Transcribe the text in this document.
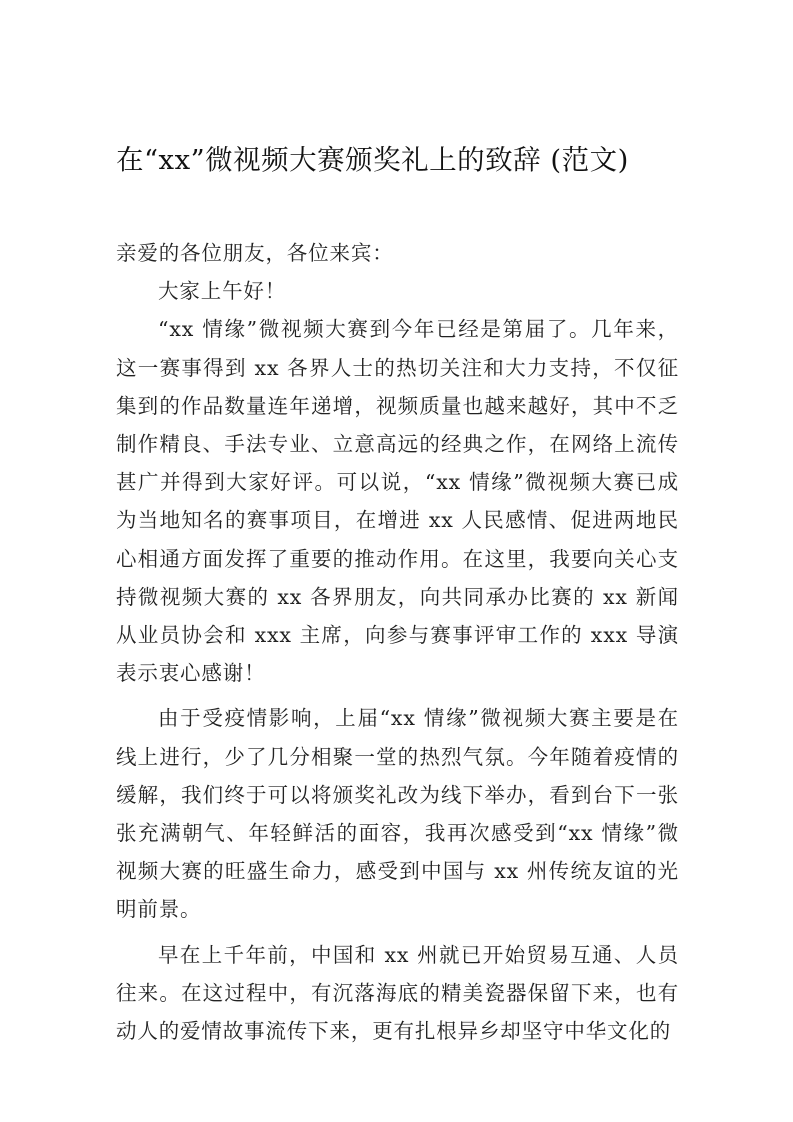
在“xx”微视频大赛颁奖礼上的致辞 (范文)

亲爱的各位朋友，各位来宾：

大家上午好！

“xx 情缘”微视频大赛到今年已经是第届了。几年来，这一赛事得到 xx 各界人士的热切关注和大力支持，不仅征集到的作品数量连年递增，视频质量也越来越好，其中不乏制作精良、手法专业、立意高远的经典之作，在网络上流传甚广并得到大家好评。可以说，“xx 情缘”微视频大赛已成为当地知名的赛事项目，在增进 xx 人民感情、促进两地民心相通方面发挥了重要的推动作用。在这里，我要向关心支持微视频大赛的 xx 各界朋友，向共同承办比赛的 xx 新闻从业员协会和 xxx 主席，向参与赛事评审工作的 xxx 导演表示衷心感谢！

由于受疫情影响，上届“xx 情缘”微视频大赛主要是在线上进行，少了几分相聚一堂的热烈气氛。今年随着疫情的缓解，我们终于可以将颁奖礼改为线下举办，看到台下一张张充满朝气、年轻鲜活的面容，我再次感受到“xx 情缘”微视频大赛的旺盛生命力，感受到中国与 xx 州传统友谊的光明前景。

早在上千年前，中国和 xx 州就已开始贸易互通、人员往来。在这过程中，有沉落海底的精美瓷器保留下来，也有动人的爱情故事流传下来，更有扎根异乡却坚守中华文化的
